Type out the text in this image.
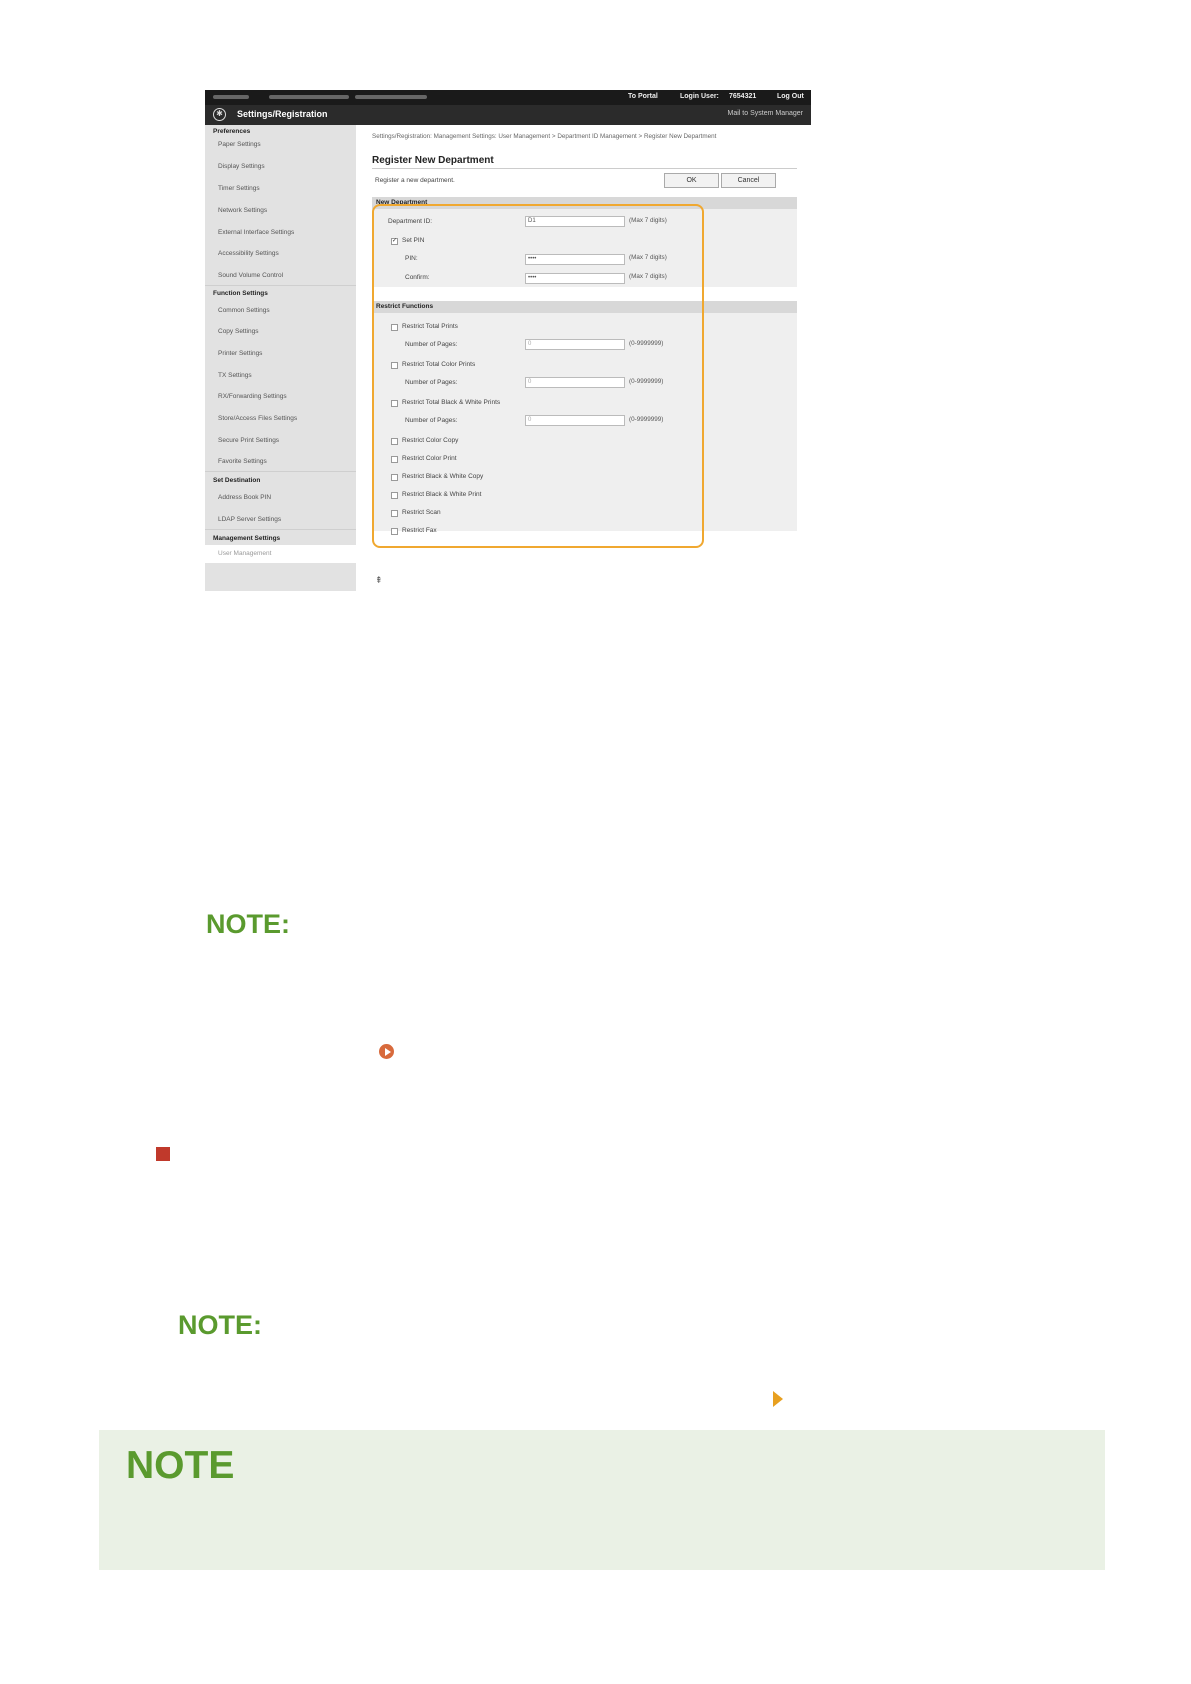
To Portal	Login User: 7654321	Log Out
✱	Settings/Registration	Mail to System Manager
Preferences
Paper Settings
Display Settings
Timer Settings
Network Settings
External Interface Settings
Accessibility Settings
Sound Volume Control
Function Settings
Common Settings
Copy Settings
Printer Settings
TX Settings
RX/Forwarding Settings
Store/Access Files Settings
Secure Print Settings
Favorite Settings
Set Destination
Address Book PIN
LDAP Server Settings
Management Settings
User Management
Settings/Registration: Management Settings: User Management > Department ID Management > Register New Department
Register New Department
Register a new department.	OK	Cancel
New Department
Department ID:	D1	(Max 7 digits)
✓ Set PIN
PIN:	••••	(Max 7 digits)
Confirm:	••••	(Max 7 digits)
Restrict Functions
Restrict Total Prints
Number of Pages:	0	(0-9999999)
Restrict Total Color Prints
Number of Pages:	0	(0-9999999)
Restrict Total Black & White Prints
Number of Pages:	0	(0-9999999)
Restrict Color Copy
Restrict Color Print
Restrict Black & White Copy
Restrict Black & White Print
Restrict Scan
Restrict Fax
⇞
NOTE:
NOTE:
NOTE
